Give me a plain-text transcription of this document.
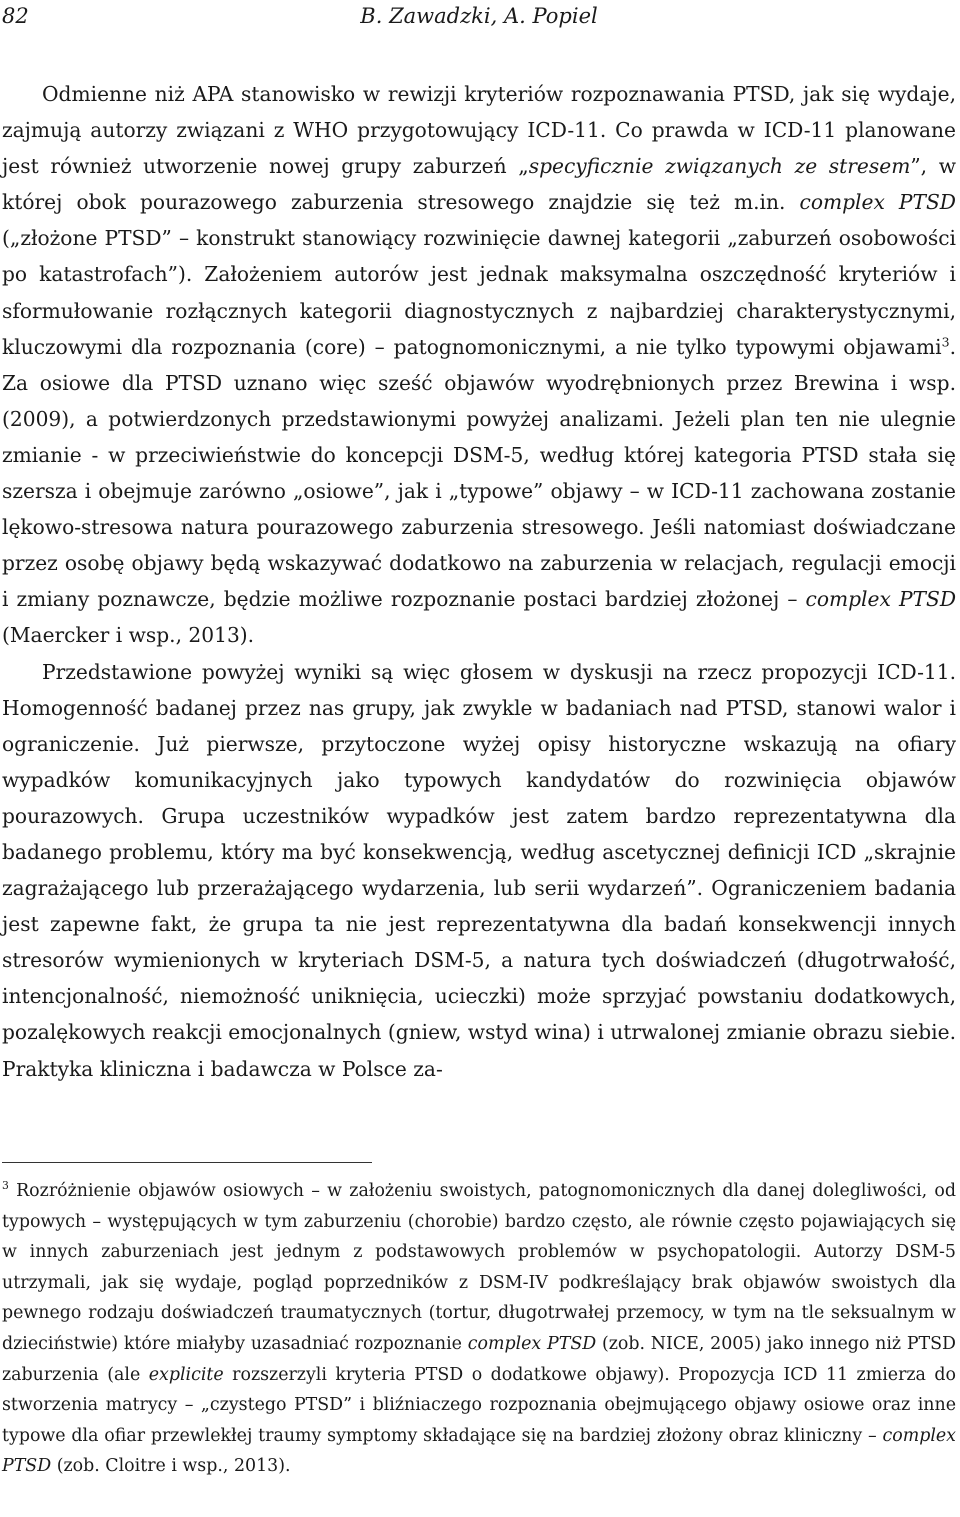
82	B. Zawadzki, A. Popiel

Odmienne niż APA stanowisko w rewizji kryteriów rozpoznawania PTSD, jak się wydaje, zajmują autorzy związani z WHO przygotowujący ICD-11. Co prawda w ICD-11 planowane jest również utworzenie nowej grupy zaburzeń „specyficznie związanych ze stresem”, w której obok pourazowego zaburzenia stresowego znajdzie się też m.in. complex PTSD („złożone PTSD” – konstrukt stanowiący rozwinięcie dawnej kategorii „zaburzeń osobowości po katastrofach”). Założeniem autorów jest jednak maksymalna oszczędność kryteriów i sformułowanie rozłącznych kategorii diagnostycznych z najbardziej charakterystycznymi, kluczowymi dla rozpoznania (core) – patognomonicznymi, a nie tylko typowymi objawami$^3$. Za osiowe dla PTSD uznano więc sześć objawów wyodrębnionych przez Brewina i wsp. (2009), a potwierdzonych przedstawionymi powyżej analizami. Jeżeli plan ten nie ulegnie zmianie - w przeciwieństwie do koncepcji DSM-5, według której kategoria PTSD stała się szersza i obejmuje zarówno „osiowe”, jak i „typowe” objawy – w ICD-11 zachowana zostanie lękowo-stresowa natura pourazowego zaburzenia stresowego. Jeśli natomiast doświadczane przez osobę objawy będą wskazywać dodatkowo na zaburzenia w relacjach, regulacji emocji i zmiany poznawcze, będzie możliwe rozpoznanie postaci bardziej złożonej – complex PTSD (Maercker i wsp., 2013).

Przedstawione powyżej wyniki są więc głosem w dyskusji na rzecz propozycji ICD-11. Homogenność badanej przez nas grupy, jak zwykle w badaniach nad PTSD, stanowi walor i ograniczenie. Już pierwsze, przytoczone wyżej opisy historyczne wskazują na ofiary wypadków komunikacyjnych jako typowych kandydatów do rozwinięcia objawów pourazowych. Grupa uczestników wypadków jest zatem bardzo reprezentatywna dla badanego problemu, który ma być konsekwencją, według ascetycznej definicji ICD „skrajnie zagrażającego lub przerażającego wydarzenia, lub serii wydarzeń”. Ograniczeniem badania jest zapewne fakt, że grupa ta nie jest reprezentatywna dla badań konsekwencji innych stresorów wymienionych w kryteriach DSM-5, a natura tych doświadczeń (długotrwałość, intencjonalność, niemożność uniknięcia, ucieczki) może sprzyjać powstaniu dodatkowych, pozalękowych reakcji emocjonalnych (gniew, wstyd wina) i utrwalonej zmianie obrazu siebie. Praktyka kliniczna i badawcza w Polsce za-

$^3$ Rozróżnienie objawów osiowych – w założeniu swoistych, patognomonicznych dla danej dolegliwości, od typowych – występujących w tym zaburzeniu (chorobie) bardzo często, ale równie często pojawiających się w innych zaburzeniach jest jednym z podstawowych problemów w psychopatologii. Autorzy DSM-5 utrzymali, jak się wydaje, pogląd poprzedników z DSM-IV podkreślający brak objawów swoistych dla pewnego rodzaju doświadczeń traumatycznych (tortur, długotrwałej przemocy, w tym na tle seksualnym w dzieciństwie) które miałyby uzasadniać rozpoznanie complex PTSD (zob. NICE, 2005) jako innego niż PTSD zaburzenia (ale explicite rozszerzyli kryteria PTSD o dodatkowe objawy). Propozycja ICD 11 zmierza do stworzenia matrycy – „czystego PTSD” i bliźniaczego rozpoznania obejmującego objawy osiowe oraz inne typowe dla ofiar przewlekłej traumy symptomy składające się na bardziej złożony obraz kliniczny – complex PTSD (zob. Cloitre i wsp., 2013).
